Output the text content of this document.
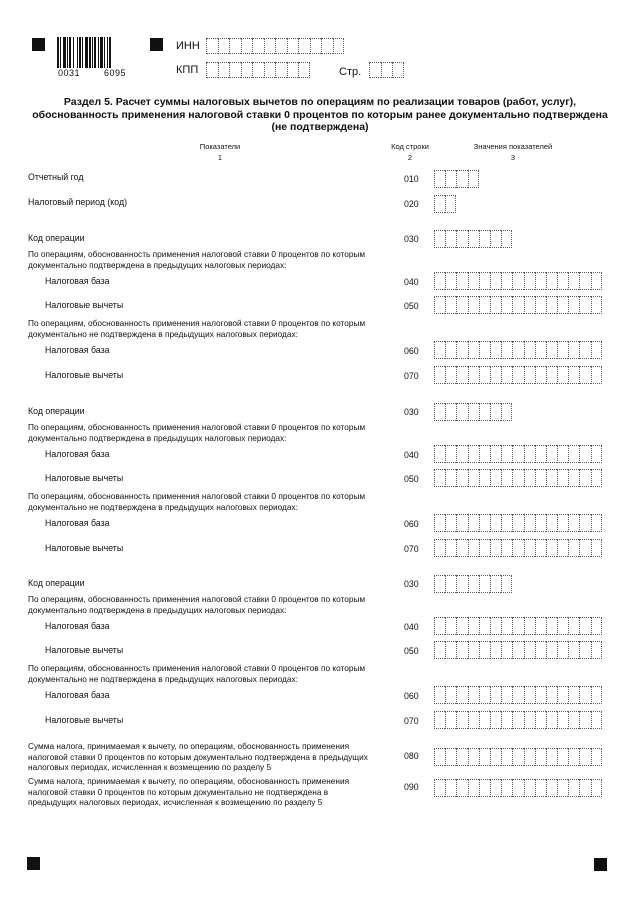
0031	6095
ИНН
КПП	Стр.
Раздел 5. Расчет суммы налоговых вычетов по операциям по реализации товаров (работ, услуг),
обоснованность применения налоговой ставки 0 процентов по которым ранее документально подтверждена
(не подтверждена)
Показатели
1
Код строки
2
Значения показателей
3
Отчетный год	010
Налоговый период (код)	020
Код операции	030
По операциям, обоснованность применения налоговой ставки 0 процентов по которым документально подтверждена в предыдущих налоговых периодах:
Налоговая база	040
Налоговые вычеты	050
По операциям, обоснованность применения налоговой ставки 0 процентов по которым документально не подтверждена в предыдущих налоговых периодах:
Налоговая база	060
Налоговые вычеты	070
Код операции	030
По операциям, обоснованность применения налоговой ставки 0 процентов по которым документально подтверждена в предыдущих налоговых периодах:
Налоговая база	040
Налоговые вычеты	050
По операциям, обоснованность применения налоговой ставки 0 процентов по которым документально не подтверждена в предыдущих налоговых периодах:
Налоговая база	060
Налоговые вычеты	070
Код операции	030
По операциям, обоснованность применения налоговой ставки 0 процентов по которым документально подтверждена в предыдущих налоговых периодах:
Налоговая база	040
Налоговые вычеты	050
По операциям, обоснованность применения налоговой ставки 0 процентов по которым документально не подтверждена в предыдущих налоговых периодах:
Налоговая база	060
Налоговые вычеты	070
Сумма налога, принимаемая к вычету, по операциям, обоснованность применения налоговой ставки 0 процентов по которым документально подтверждена в предыдущих налоговых периодах, исчисленная к возмещению по разделу 5
080
Сумма налога, принимаемая к вычету, по операциям, обоснованность применения налоговой ставки 0 процентов по которым документально не подтверждена в предыдущих налоговых периодах, исчисленная к возмещению по разделу 5
090
